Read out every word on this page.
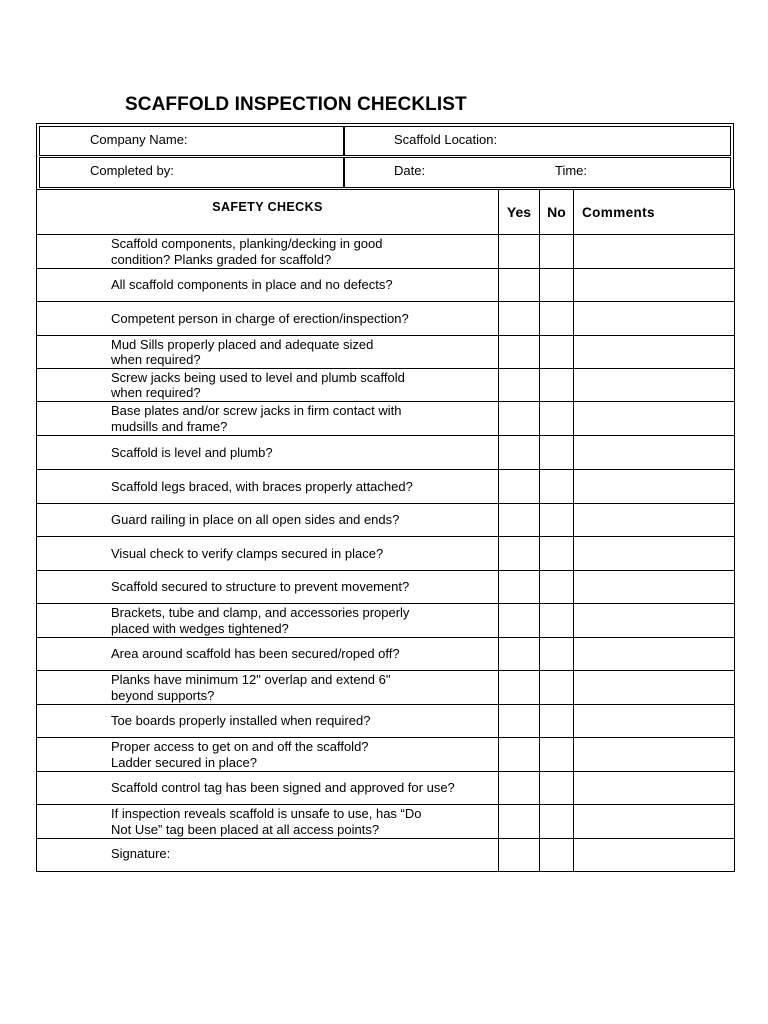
SCAFFOLD INSPECTION CHECKLIST
Company Name:	Scaffold Location:
Completed by:	Date:	Time:
SAFETY CHECKS	Yes	No	Comments

Scaffold components, planking/decking in good
condition? Planks graded for scaffold?			

All scaffold components in place and no defects?			

Competent person in charge of erection/inspection?			

Mud Sills properly placed and adequate sized
when required?			

Screw jacks being used to level and plumb scaffold
when required?			

Base plates and/or screw jacks in firm contact with
mudsills and frame?			

Scaffold is level and plumb?			

Scaffold legs braced, with braces properly attached?			

Guard railing in place on all open sides and ends?			

Visual check to verify clamps secured in place?			

Scaffold secured to structure to prevent movement?			

Brackets, tube and clamp, and accessories properly
placed with wedges tightened?			

Area around scaffold has been secured/roped off?			

Planks have minimum 12" overlap and extend 6"
beyond supports?			

Toe boards properly installed when required?			

Proper access to get on and off the scaffold?
Ladder secured in place?			

Scaffold control tag has been signed and approved for use?			

If inspection reveals scaffold is unsafe to use, has “Do
Not Use” tag been placed at all access points?			

Signature:			
